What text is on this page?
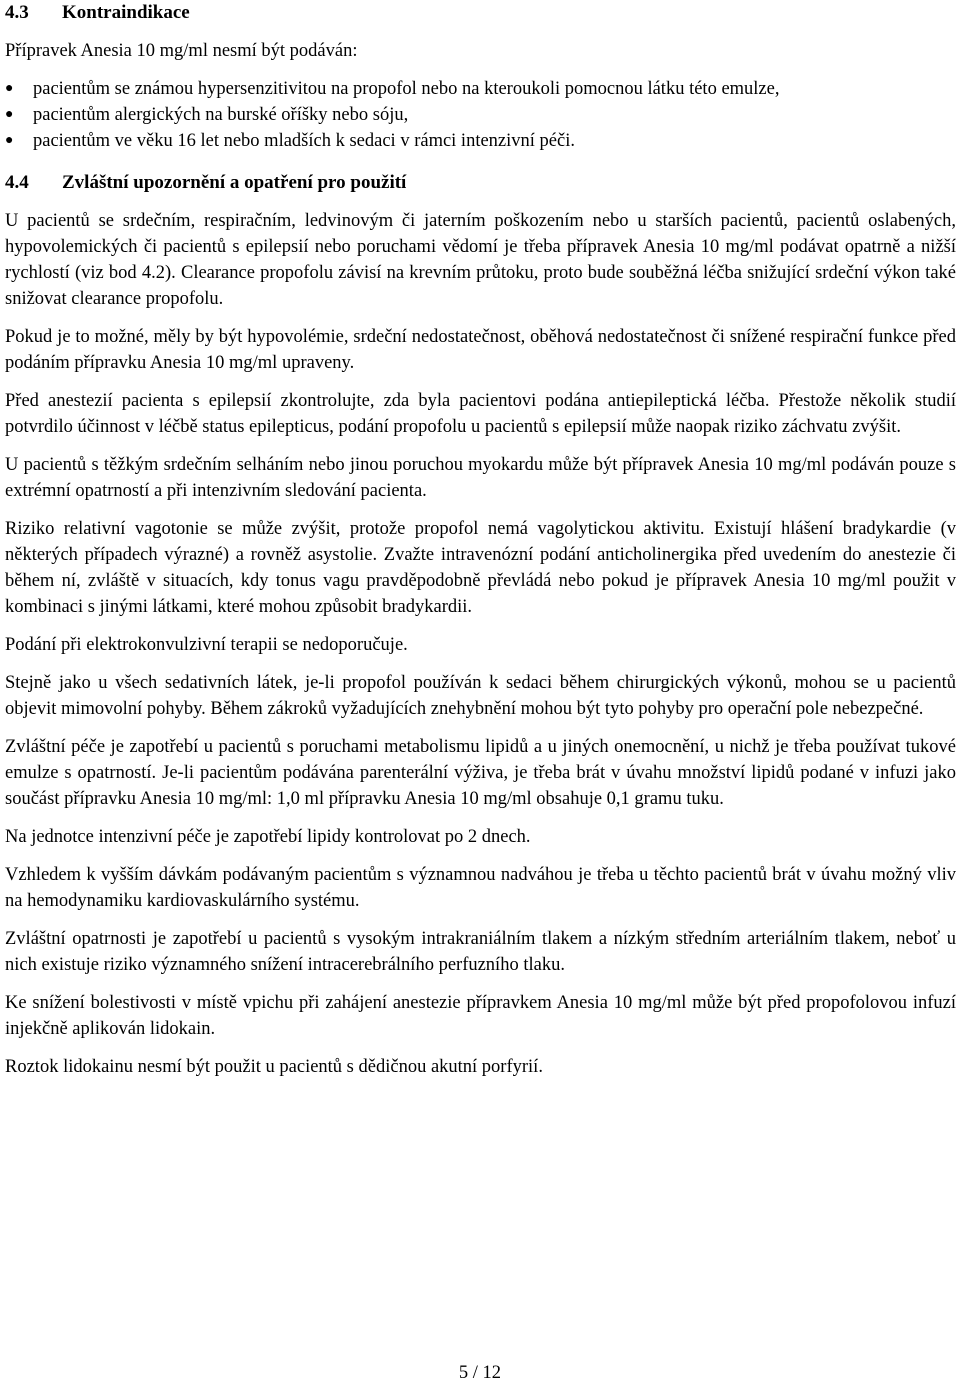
4.3 Kontraindikace

Přípravek Anesia 10 mg/ml nesmí být podáván:

● pacientům se známou hypersenzitivitou na propofol nebo na kteroukoli pomocnou látku této emulze,
● pacientům alergických na burské oříšky nebo sóju,
● pacientům ve věku 16 let nebo mladších k sedaci v rámci intenzivní péči.
4.4 Zvláštní upozornění a opatření pro použití

U pacientů se srdečním, respiračním, ledvinovým či jaterním poškozením nebo u starších pacientů, pacientů oslabených, hypovolemických či pacientů s epilepsií nebo poruchami vědomí je třeba přípravek Anesia 10 mg/ml podávat opatrně a nižší rychlostí (viz bod 4.2). Clearance propofolu závisí na krevním průtoku, proto bude souběžná léčba snižující srdeční výkon také snižovat clearance propofolu.

Pokud je to možné, měly by být hypovolémie, srdeční nedostatečnost, oběhová nedostatečnost či snížené respirační funkce před podáním přípravku Anesia 10 mg/ml upraveny.

Před anestezií pacienta s epilepsií zkontrolujte, zda byla pacientovi podána antiepileptická léčba. Přestože několik studií potvrdilo účinnost v léčbě status epilepticus, podání propofolu u pacientů s epilepsií může naopak riziko záchvatu zvýšit.

U pacientů s těžkým srdečním selháním nebo jinou poruchou myokardu může být přípravek Anesia 10 mg/ml podáván pouze s extrémní opatrností a při intenzivním sledování pacienta.

Riziko relativní vagotonie se může zvýšit, protože propofol nemá vagolytickou aktivitu. Existují hlášení bradykardie (v některých případech výrazné) a rovněž asystolie. Zvažte intravenózní podání anticholinergika před uvedením do anestezie či během ní, zvláště v situacích, kdy tonus vagu pravděpodobně převládá nebo pokud je přípravek Anesia 10 mg/ml použit v kombinaci s jinými látkami, které mohou způsobit bradykardii.

Podání při elektrokonvulzivní terapii se nedoporučuje.

Stejně jako u všech sedativních látek, je-li propofol používán k sedaci během chirurgických výkonů, mohou se u pacientů objevit mimovolní pohyby. Během zákroků vyžadujících znehybnění mohou být tyto pohyby pro operační pole nebezpečné.

Zvláštní péče je zapotřebí u pacientů s poruchami metabolismu lipidů a u jiných onemocnění, u nichž je třeba používat tukové emulze s opatrností. Je-li pacientům podávána parenterální výživa, je třeba brát v úvahu množství lipidů podané v infuzi jako součást přípravku Anesia 10 mg/ml: 1,0 ml přípravku Anesia 10 mg/ml obsahuje 0,1 gramu tuku.

Na jednotce intenzivní péče je zapotřebí lipidy kontrolovat po 2 dnech.

Vzhledem k vyšším dávkám podávaným pacientům s významnou nadváhou je třeba u těchto pacientů brát v úvahu možný vliv na hemodynamiku kardiovaskulárního systému.

Zvláštní opatrnosti je zapotřebí u pacientů s vysokým intrakraniálním tlakem a nízkým středním arteriálním tlakem, neboť u nich existuje riziko významného snížení intracerebrálního perfuzního tlaku.

Ke snížení bolestivosti v místě vpichu při zahájení anestezie přípravkem Anesia 10 mg/ml může být před propofolovou infuzí injekčně aplikován lidokain.

Roztok lidokainu nesmí být použit u pacientů s dědičnou akutní porfyrií.

5 / 12
